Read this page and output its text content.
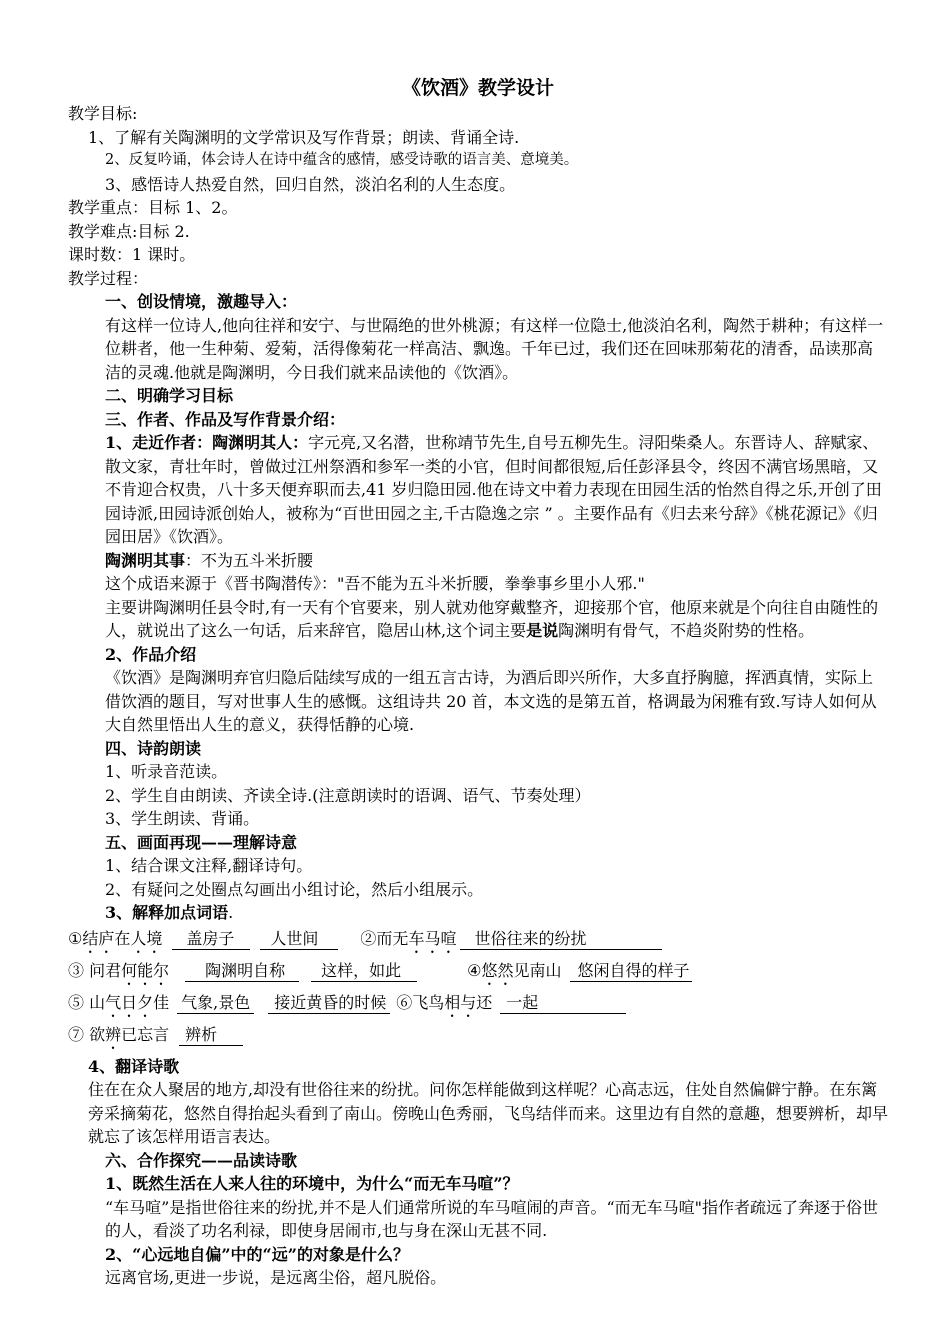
《饮酒》教学设计

教学目标:

1、了解有关陶渊明的文学常识及写作背景；朗读、背诵全诗.

2、反复吟诵，体会诗人在诗中蕴含的感情，感受诗歌的语言美、意境美。

3、感悟诗人热爱自然，回归自然，淡泊名利的人生态度。

教学重点：目标 1、2。

教学难点:目标 2.

课时数：1 课时。

教学过程：

一、创设情境，激趣导入：

有这样一位诗人,他向往祥和安宁、与世隔绝的世外桃源；有这样一位隐士,他淡泊名利，陶然于耕种；有这样一位耕者，他一生种菊、爱菊，活得像菊花一样高洁、飘逸。千年已过，我们还在回味那菊花的清香，品读那高洁的灵魂.他就是陶渊明，今日我们就来品读他的《饮酒》。

二、明确学习目标

三、作者、作品及写作背景介绍：

1、走近作者：陶渊明其人：字元亮,又名潜，世称靖节先生,自号五柳先生。浔阳柴桑人。东晋诗人、辞赋家、散文家，青壮年时，曾做过江州祭酒和参军一类的小官，但时间都很短,后任彭泽县令，终因不满官场黑暗，又不肯迎合权贵，八十多天便弃职而去,41 岁归隐田园.他在诗文中着力表现在田园生活的怡然自得之乐,开创了田园诗派,田园诗派创始人，被称为“百世田园之主,千古隐逸之宗 ” 。主要作品有《归去来兮辞》《桃花源记》《归园田居》《饮酒》。

陶渊明其事：不为五斗米折腰

这个成语来源于《晋书陶潜传》："吾不能为五斗米折腰，拳拳事乡里小人邪."

主要讲陶渊明任县令时,有一天有个官要来，别人就劝他穿戴整齐，迎接那个官，他原来就是个向往自由随性的人，就说出了这么一句话，后来辞官，隐居山林,这个词主要是说陶渊明有骨气，不趋炎附势的性格。

2、作品介绍

《饮酒》是陶渊明弃官归隐后陆续写成的一组五言古诗，为酒后即兴所作，大多直抒胸臆，挥洒真情，实际上借饮酒的题目，写对世事人生的感慨。这组诗共 20 首，本文选的是第五首，格调最为闲雅有致.写诗人如何从大自然里悟出人生的意义，获得恬静的心境.

四、诗韵朗读

1、听录音范读。

2、学生自由朗读、齐读全诗.(注意朗读时的语调、语气、节奏处理）

3、学生朗读、背诵。

五、画面再现——理解诗意

1、结合课文注释,翻译诗句。

2、有疑问之处圈点勾画出小组讨论，然后小组展示。

3、解释加点词语.

① 结庐 在 人境	盖房子	人世间	②而无 车马喧	世俗往来的纷扰
③ 问君 何能尔	陶渊明自称	这样，如此	④ 悠然 见南山	悠闲自得的样子
⑤ 山 气 日夕 佳 气象,景色	接近黄昏的时候 ⑥飞鸟 相与 还 一起
⑦ 欲 辨 已忘言	辨析

4、翻译诗歌

住在在众人聚居的地方,却没有世俗往来的纷扰。问你怎样能做到这样呢？心高志远，住处自然偏僻宁静。在东篱旁采摘菊花，悠然自得抬起头看到了南山。傍晚山色秀丽，飞鸟结伴而来。这里边有自然的意趣，想要辨析，却早就忘了该怎样用语言表达。

六、合作探究——品读诗歌

1、既然生活在人来人往的环境中，为什么“而无车马喧”？

“车马喧”是指世俗往来的纷扰,并不是人们通常所说的车马喧闹的声音。“而无车马喧"指作者疏远了奔逐于俗世的人，看淡了功名利禄，即使身居闹市,也与身在深山无甚不同.

2、“心远地自偏”中的“远”的对象是什么？

远离官场,更进一步说，是远离尘俗，超凡脱俗。
